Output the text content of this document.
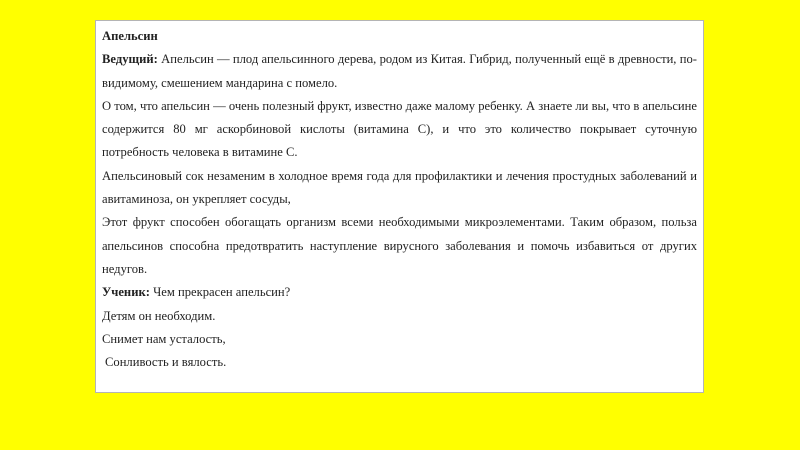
Апельсин

Ведущий: Апельсин — плод апельсинного дерева, родом из Китая. Гибрид, полученный ещё в древности, по-видимому, смешением мандарина с помело.

О том, что апельсин — очень полезный фрукт, известно даже малому ребенку. А знаете ли вы, что в апельсине содержится 80 мг аскорбиновой кислоты (витамина С), и что это количество покрывает суточную потребность человека в витамине С.

Апельсиновый сок незаменим в холодное время года для профилактики и лечения простудных заболеваний и авитаминоза, он укрепляет сосуды,

Этот фрукт способен обогащать организм всеми необходимыми микроэлементами. Таким образом, польза апельсинов способна предотвратить наступление вирусного заболевания и помочь избавиться от других недугов.

Ученик: Чем прекрасен апельсин?

Детям он необходим.

Снимет нам усталость,

Сонливость и вялость.
